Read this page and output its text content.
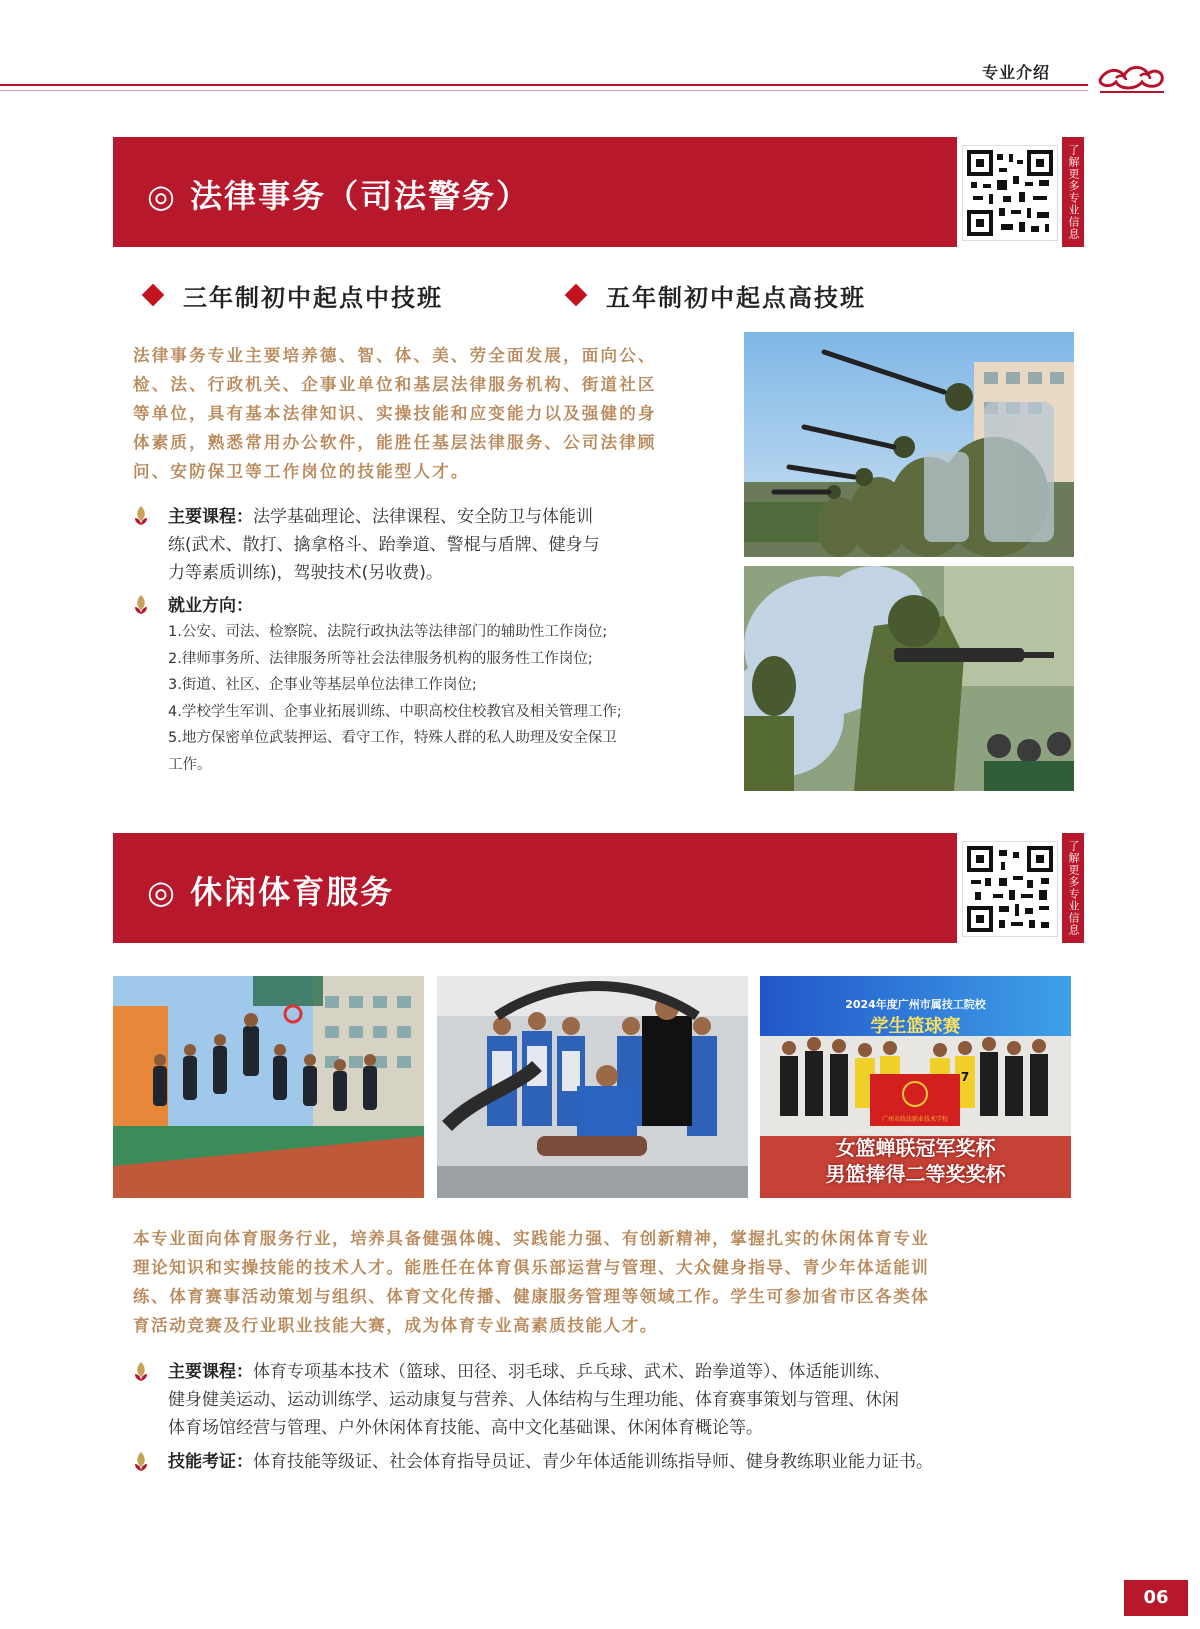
专业介绍
◎ 法律事务（司法警务）	了解更多专业信息
三年制初中起点中技班	五年制初中起点高技班
法律事务专业主要培养德、智、体、美、劳全面发展，面向公、
检、法、行政机关、企事业单位和基层法律服务机构、街道社区
等单位，具有基本法律知识、实操技能和应变能力以及强健的身
体素质，熟悉常用办公软件，能胜任基层法律服务、公司法律顾
问、安防保卫等工作岗位的技能型人才。
主要课程：法学基础理论、法律课程、安全防卫与体能训
练(武术、散打、擒拿格斗、跆拳道、警棍与盾牌、健身与
力等素质训练)，驾驶技术(另收费)。
就业方向：
1.公安、司法、检察院、法院行政执法等法律部门的辅助性工作岗位;
2.律师事务所、法律服务所等社会法律服务机构的服务性工作岗位;
3.街道、社区、企事业等基层单位法律工作岗位;
4.学校学生军训、企事业拓展训练、中职高校住校教官及相关管理工作;
5.地方保密单位武装押运、看守工作，特殊人群的私人助理及安全保卫
工作。
◎ 休闲体育服务	了解更多专业信息
2024年度广州市属技工院校
学生篮球赛
广州市政法职业技术学校
7
女篮蝉联冠军奖杯
男篮捧得二等奖奖杯
本专业面向体育服务行业，培养具备健强体魄、实践能力强、有创新精神，掌握扎实的休闲体育专业
理论知识和实操技能的技术人才。能胜任在体育俱乐部运营与管理、大众健身指导、青少年体适能训
练、体育赛事活动策划与组织、体育文化传播、健康服务管理等领域工作。学生可参加省市区各类体
育活动竞赛及行业职业技能大赛，成为体育专业高素质技能人才。
主要课程：体育专项基本技术（篮球、田径、羽毛球、乒乓球、武术、跆拳道等）、体适能训练、
健身健美运动、运动训练学、运动康复与营养、人体结构与生理功能、体育赛事策划与管理、休闲
体育场馆经营与管理、户外休闲体育技能、高中文化基础课、休闲体育概论等。
技能考证：体育技能等级证、社会体育指导员证、青少年体适能训练指导师、健身教练职业能力证书。
06
